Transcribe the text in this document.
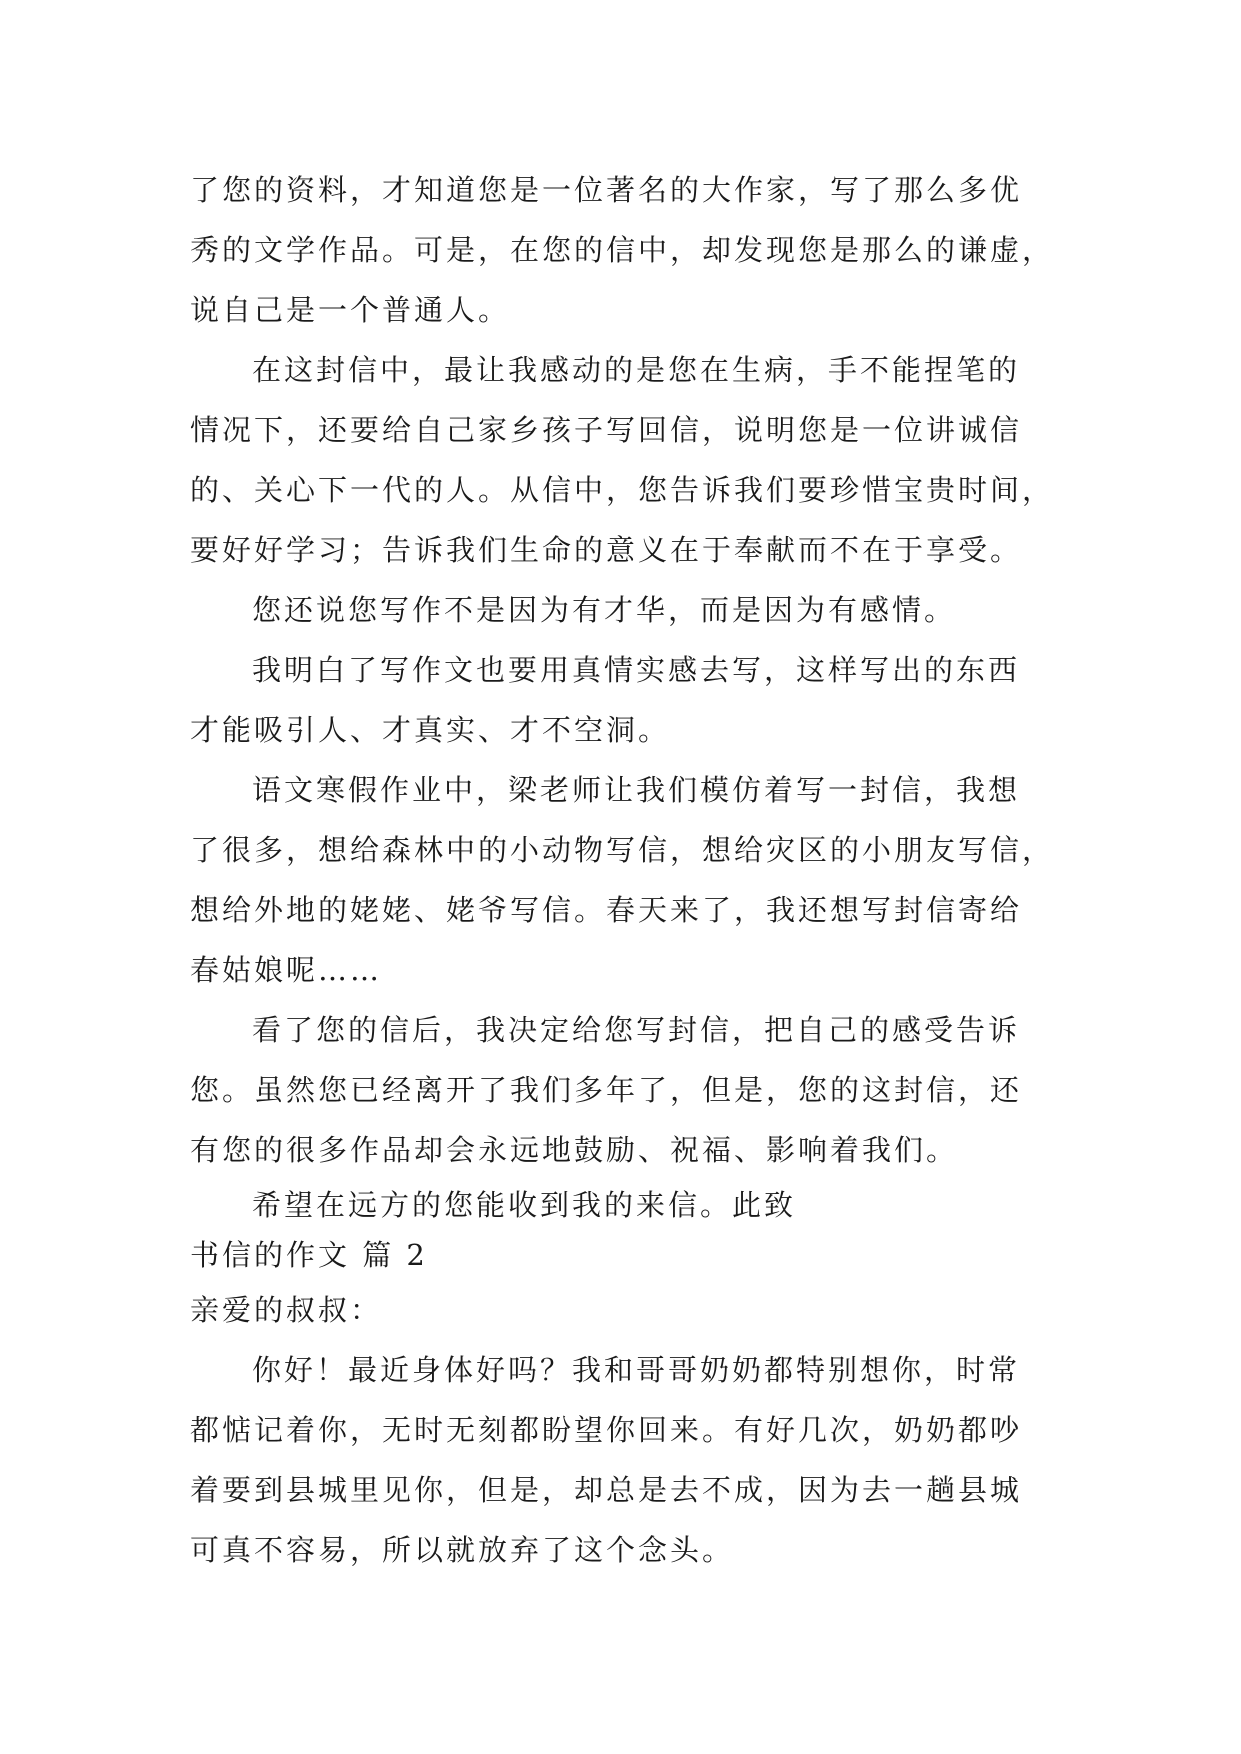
了您的资料，才知道您是一位著名的大作家，写了那么多优
秀的文学作品。可是，在您的信中，却发现您是那么的谦虚，
说自己是一个普通人。
在这封信中，最让我感动的是您在生病，手不能捏笔的
情况下，还要给自己家乡孩子写回信，说明您是一位讲诚信
的、关心下一代的人。从信中，您告诉我们要珍惜宝贵时间，
要好好学习；告诉我们生命的意义在于奉献而不在于享受。
您还说您写作不是因为有才华，而是因为有感情。
我明白了写作文也要用真情实感去写，这样写出的东西
才能吸引人、才真实、才不空洞。
语文寒假作业中，梁老师让我们模仿着写一封信，我想
了很多，想给森林中的小动物写信，想给灾区的小朋友写信，
想给外地的姥姥、姥爷写信。春天来了，我还想写封信寄给
春姑娘呢……
看了您的信后，我决定给您写封信，把自己的感受告诉
您。虽然您已经离开了我们多年了，但是，您的这封信，还
有您的很多作品却会永远地鼓励、祝福、影响着我们。
希望在远方的您能收到我的来信。此致
书信的作文 篇 2
亲爱的叔叔：
你好！最近身体好吗？我和哥哥奶奶都特别想你，时常
都惦记着你，无时无刻都盼望你回来。有好几次，奶奶都吵
着要到县城里见你，但是，却总是去不成，因为去一趟县城
可真不容易，所以就放弃了这个念头。
